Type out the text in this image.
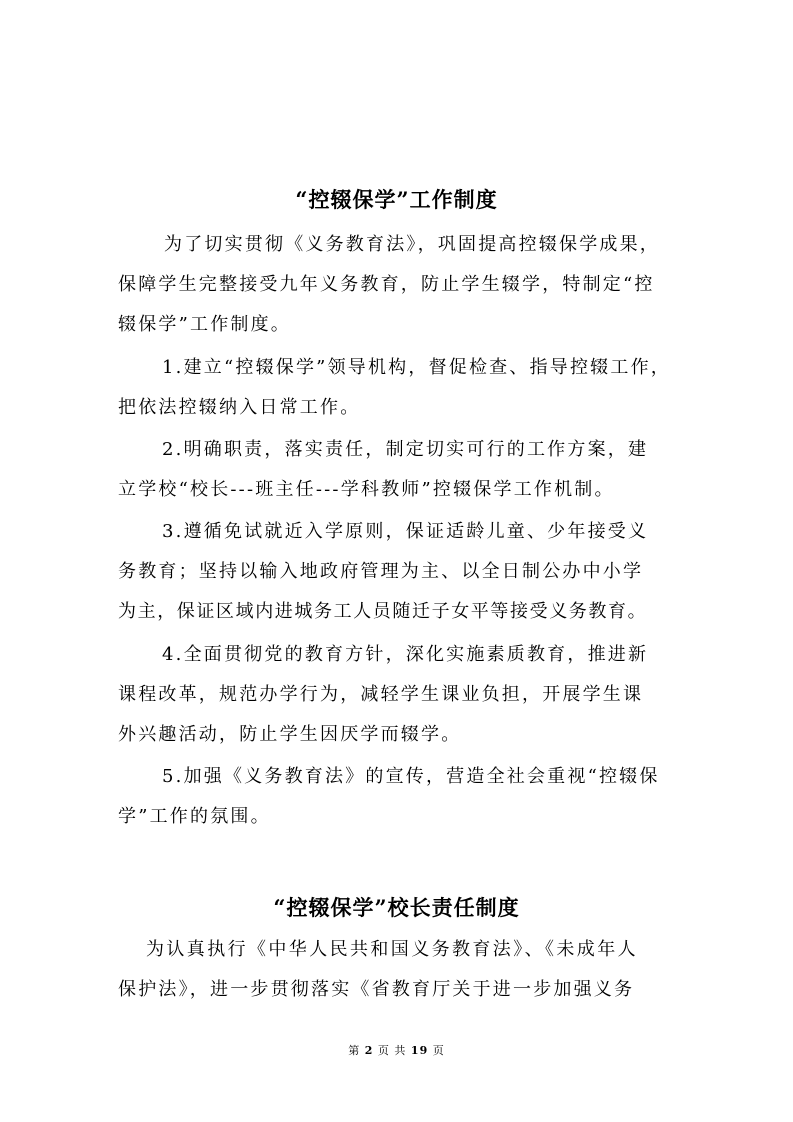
“控辍保学”工作制度
为了切实贯彻《义务教育法》，巩固提高控辍保学成果，
保障学生完整接受九年义务教育，防止学生辍学，特制定“控
辍保学”工作制度。
1.建立“控辍保学”领导机构，督促检查、指导控辍工作，
把依法控辍纳入日常工作。
2.明确职责，落实责任，制定切实可行的工作方案，建
立学校“校长---班主任---学科教师”控辍保学工作机制。
3.遵循免试就近入学原则，保证适龄儿童、少年接受义
务教育；坚持以输入地政府管理为主、以全日制公办中小学
为主，保证区域内进城务工人员随迁子女平等接受义务教育。
4.全面贯彻党的教育方针，深化实施素质教育，推进新
课程改革，规范办学行为，减轻学生课业负担，开展学生课
外兴趣活动，防止学生因厌学而辍学。
5.加强《义务教育法》的宣传，营造全社会重视“控辍保
学”工作的氛围。
“控辍保学”校长责任制度
为认真执行《中华人民共和国义务教育法》、《未成年人
保护法》，进一步贯彻落实《省教育厅关于进一步加强义务
第 2 页 共 19 页
